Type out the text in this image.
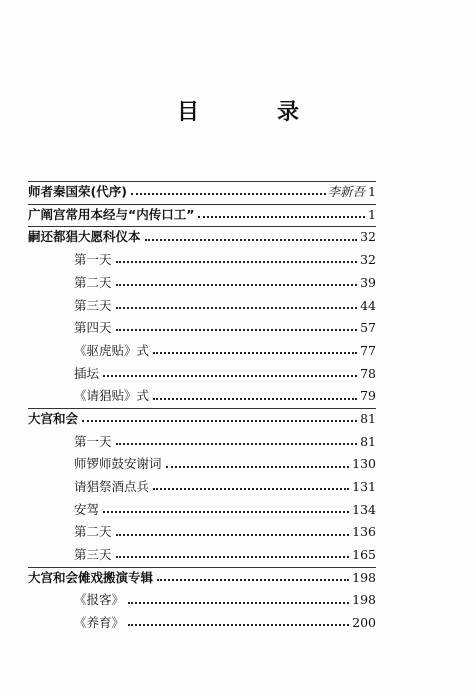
目　录
师者秦国荣(代序)	李新吾 1
广阐宫常用本经与“内传口工”	1
嗣还都猖大愿科仪本	32
第一天	32
第二天	39
第三天	44
第四天	57
《驱虎贴》式	77
插坛	78
《请猖贴》式	79
大宫和会	81
第一天	81
师锣师鼓安谢词	130
请猖祭酒点兵	131
安驾	134
第二天	136
第三天	165
大宫和会傩戏搬演专辑	198
《报客》	198
《养育》	200
